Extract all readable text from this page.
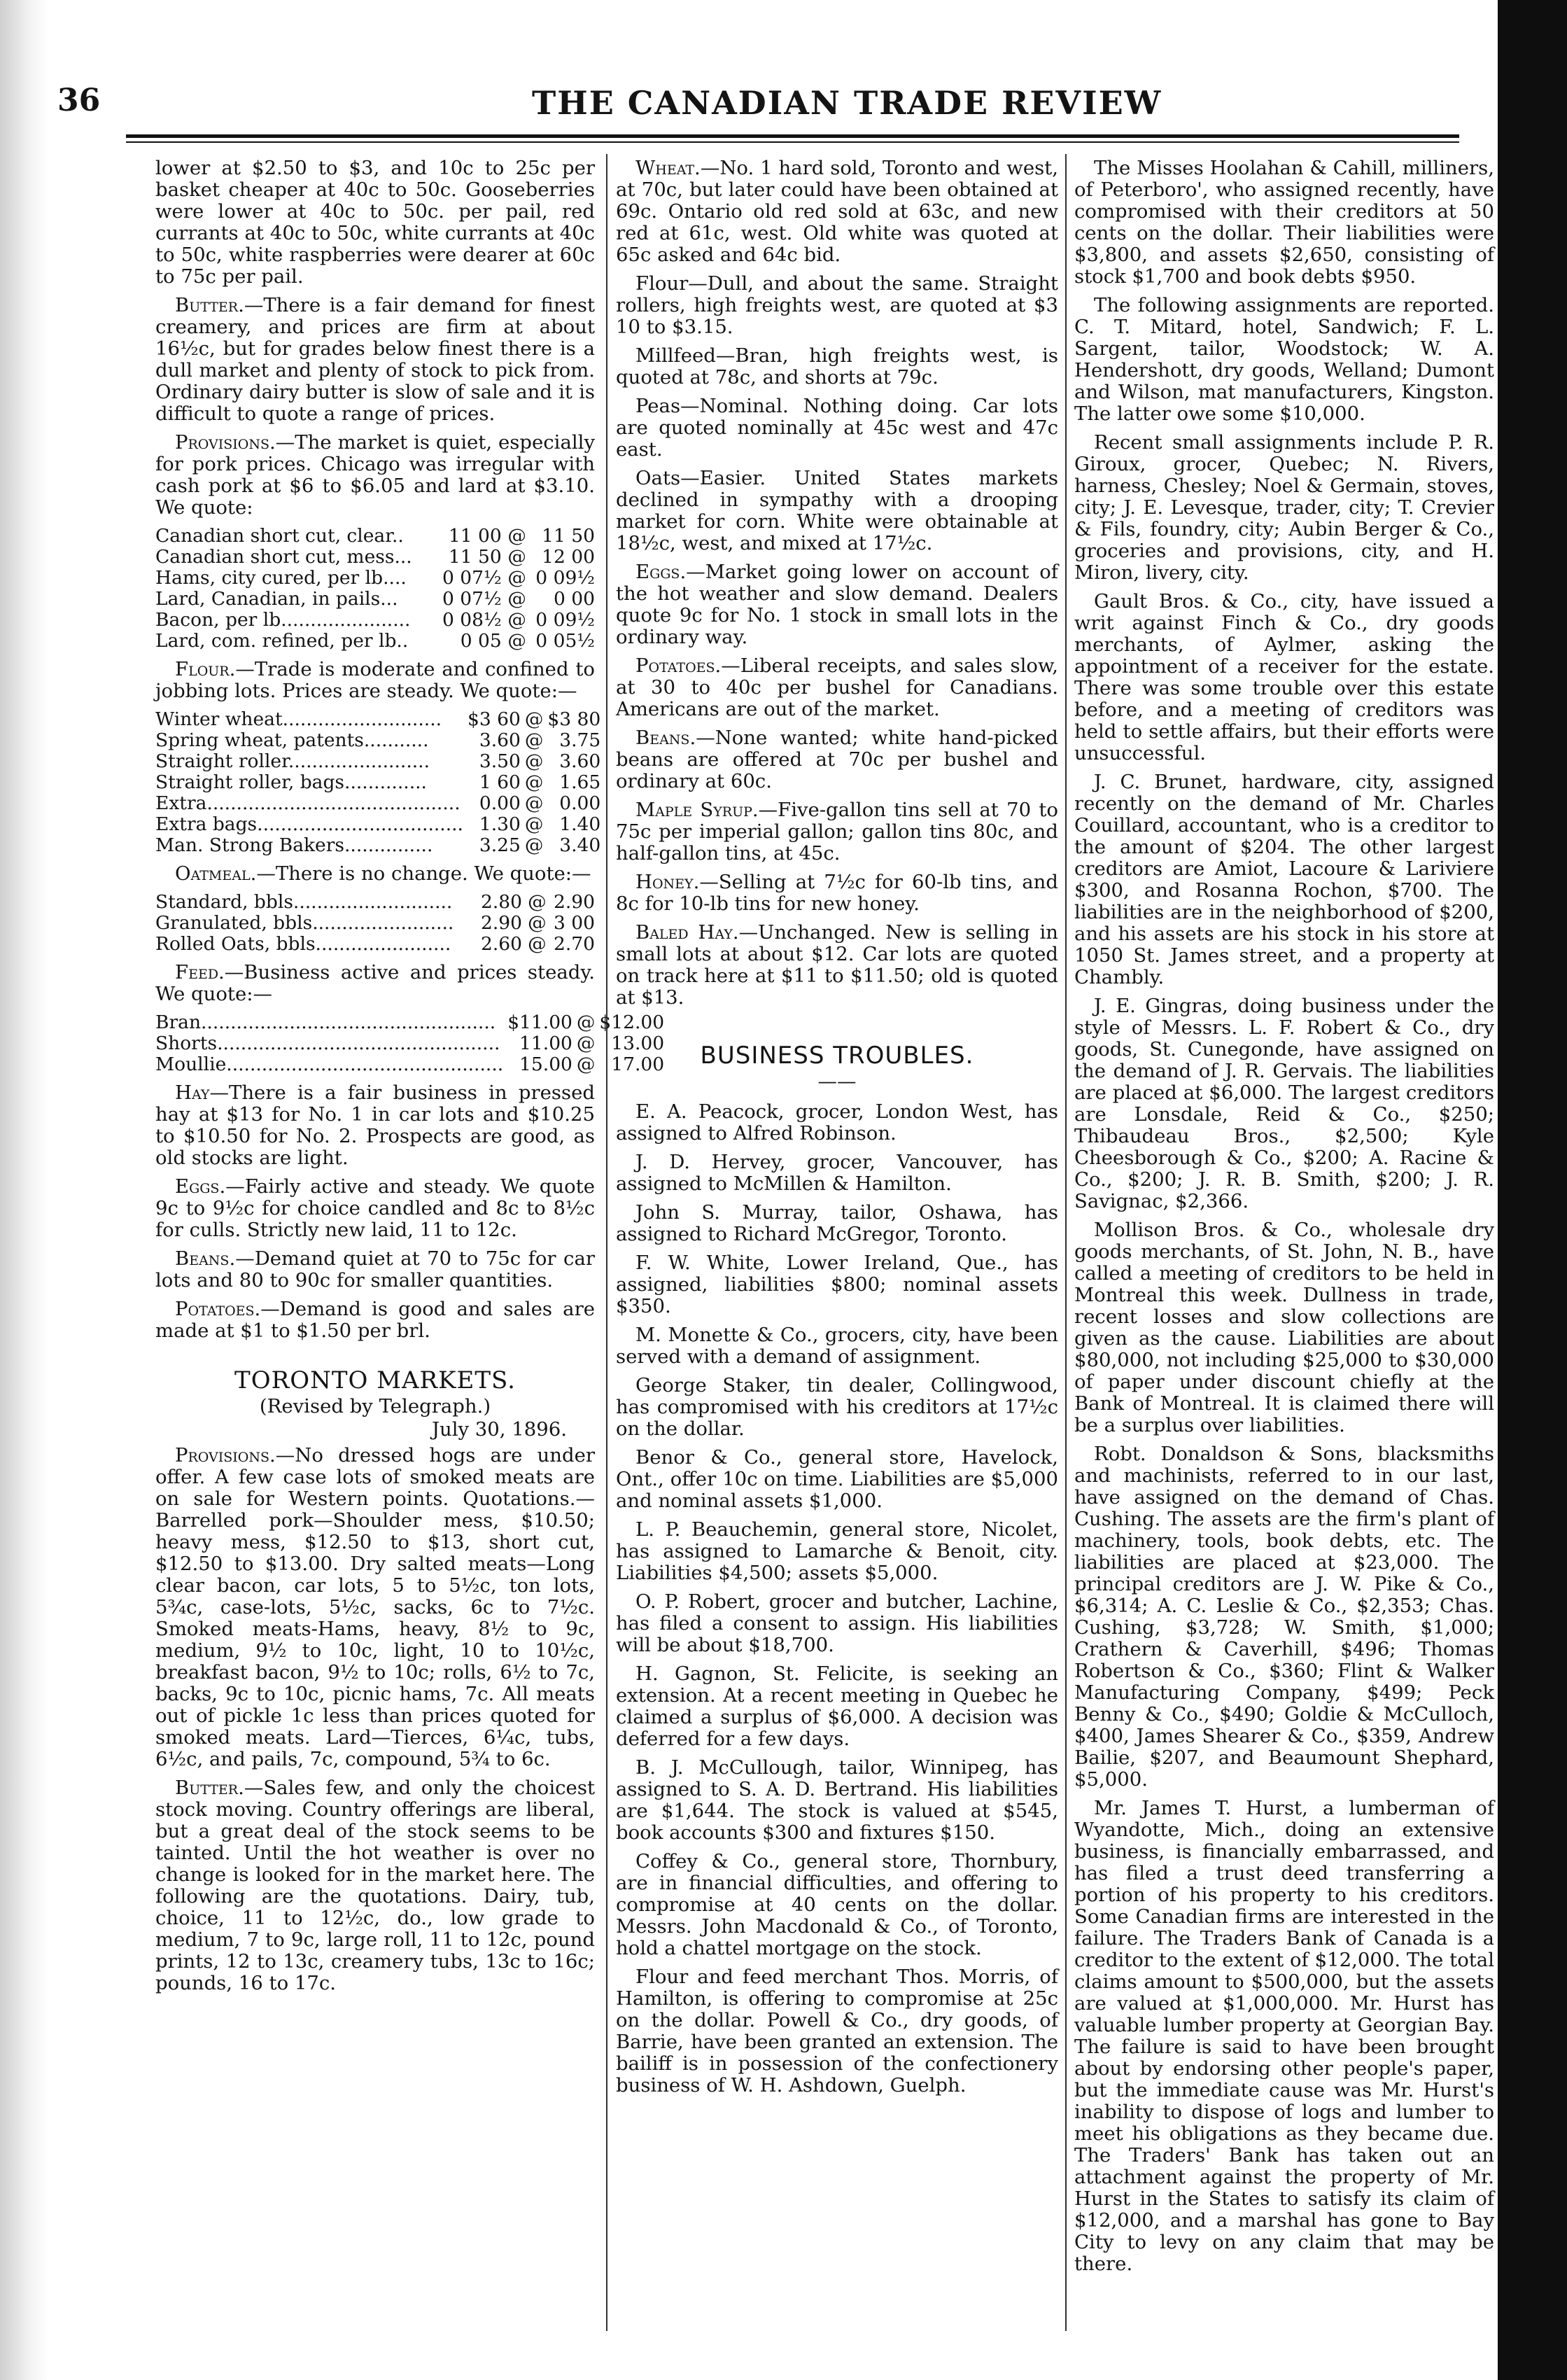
36	THE CANADIAN TRADE REVIEW

lower at $2.50 to $3, and 10c to 25c per basket cheaper at 40c to 50c. Gooseberries were lower at 40c to 50c. per pail, red currants at 40c to 50c, white currants at 40c to 50c, white raspberries were dearer at 60c to 75c per pail.

Butter.—There is a fair demand for finest creamery, and prices are firm at about 16½c, but for grades below finest there is a dull market and plenty of stock to pick from. Ordinary dairy butter is slow of sale and it is difficult to quote a range of prices.

Provisions.—The market is quiet, especially for pork prices. Chicago was irregular with cash pork at $6 to $6.05 and lard at $3.10. We quote:

Canadian short cut, clear..	11 00	@	11 50
Canadian short cut, mess...	11 50	@	12 00
Hams, city cured, per lb....	0 07½	@	0 09½
Lard, Canadian, in pails...	0 07½	@	0 00
Bacon, per lb......................	0 08½	@	0 09½
Lard, com. refined, per lb..	0 05	@	0 05½

Flour.—Trade is moderate and confined to jobbing lots. Prices are steady. We quote:—

Winter wheat...........................	$3 60	@	$3 80
Spring wheat, patents...........	3.60	@	3.75
Straight roller........................	3.50	@	3.60
Straight roller, bags..............	1 60	@	1.65
Extra...........................................	0.00	@	0.00
Extra bags...................................	1.30	@	1.40
Man. Strong Bakers...............	3.25	@	3.40

Oatmeal.—There is no change. We quote:—

Standard, bbls...........................	2.80	@	2.90
Granulated, bbls........................	2.90	@	3 00
Rolled Oats, bbls.......................	2.60	@	2.70

Feed.—Business active and prices steady. We quote:—

Bran..................................................	$11.00	@	$12.00
Shorts................................................	11.00	@	13.00
Moullie...............................................	15.00	@	17.00

Hay—There is a fair business in pressed hay at $13 for No. 1 in car lots and $10.25 to $10.50 for No. 2. Prospects are good, as old stocks are light.

Eggs.—Fairly active and steady. We quote 9c to 9½c for choice candled and 8c to 8½c for culls. Strictly new laid, 11 to 12c.

Beans.—Demand quiet at 70 to 75c for car lots and 80 to 90c for smaller quantities.

Potatoes.—Demand is good and sales are made at $1 to $1.50 per brl.

TORONTO MARKETS.

(Revised by Telegraph.)

July 30, 1896.

Provisions.—No dressed hogs are under offer. A few case lots of smoked meats are on sale for Western points. Quotations.—Barrelled pork—Shoulder mess, $10.50; heavy mess, $12.50 to $13, short cut, $12.50 to $13.00. Dry salted meats—Long clear bacon, car lots, 5 to 5½c, ton lots, 5¾c, case-lots, 5½c, sacks, 6c to 7½c. Smoked meats-Hams, heavy, 8½ to 9c, medium, 9½ to 10c, light, 10 to 10½c, breakfast bacon, 9½ to 10c; rolls, 6½ to 7c, backs, 9c to 10c, picnic hams, 7c. All meats out of pickle 1c less than prices quoted for smoked meats. Lard—Tierces, 6¼c, tubs, 6½c, and pails, 7c, compound, 5¾ to 6c.

Butter.—Sales few, and only the choicest stock moving. Country offerings are liberal, but a great deal of the stock seems to be tainted. Until the hot weather is over no change is looked for in the market here. The following are the quotations. Dairy, tub, choice, 11 to 12½c, do., low grade to medium, 7 to 9c, large roll, 11 to 12c, pound prints, 12 to 13c, creamery tubs, 13c to 16c; pounds, 16 to 17c.

Wheat.—No. 1 hard sold, Toronto and west, at 70c, but later could have been obtained at 69c. Ontario old red sold at 63c, and new red at 61c, west. Old white was quoted at 65c asked and 64c bid.

Flour—Dull, and about the same. Straight rollers, high freights west, are quoted at $3 10 to $3.15.

Millfeed—Bran, high freights west, is quoted at 78c, and shorts at 79c.

Peas—Nominal. Nothing doing. Car lots are quoted nominally at 45c west and 47c east.

Oats—Easier. United States markets declined in sympathy with a drooping market for corn. White were obtainable at 18½c, west, and mixed at 17½c.

Eggs.—Market going lower on account of the hot weather and slow demand. Dealers quote 9c for No. 1 stock in small lots in the ordinary way.

Potatoes.—Liberal receipts, and sales slow, at 30 to 40c per bushel for Canadians. Americans are out of the market.

Beans.—None wanted; white hand-picked beans are offered at 70c per bushel and ordinary at 60c.

Maple Syrup.—Five-gallon tins sell at 70 to 75c per imperial gallon; gallon tins 80c, and half-gallon tins, at 45c.

Honey.—Selling at 7½c for 60-lb tins, and 8c for 10-lb tins for new honey.

Baled Hay.—Unchanged. New is selling in small lots at about $12. Car lots are quoted on track here at $11 to $11.50; old is quoted at $13.

BUSINESS TROUBLES.
——

E. A. Peacock, grocer, London West, has assigned to Alfred Robinson.

J. D. Hervey, grocer, Vancouver, has assigned to McMillen & Hamilton.

John S. Murray, tailor, Oshawa, has assigned to Richard McGregor, Toronto.

F. W. White, Lower Ireland, Que., has assigned, liabilities $800; nominal assets $350.

M. Monette & Co., grocers, city, have been served with a demand of assignment.

George Staker, tin dealer, Collingwood, has compromised with his creditors at 17½c on the dollar.

Benor & Co., general store, Havelock, Ont., offer 10c on time. Liabilities are $5,000 and nominal assets $1,000.

L. P. Beauchemin, general store, Nicolet, has assigned to Lamarche & Benoit, city. Liabilities $4,500; assets $5,000.

O. P. Robert, grocer and butcher, Lachine, has filed a consent to assign. His liabilities will be about $18,700.

H. Gagnon, St. Felicite, is seeking an extension. At a recent meeting in Quebec he claimed a surplus of $6,000. A decision was deferred for a few days.

B. J. McCullough, tailor, Winnipeg, has assigned to S. A. D. Bertrand. His liabilities are $1,644. The stock is valued at $545, book accounts $300 and fixtures $150.

Coffey & Co., general store, Thornbury, are in financial difficulties, and offering to compromise at 40 cents on the dollar. Messrs. John Macdonald & Co., of Toronto, hold a chattel mortgage on the stock.

Flour and feed merchant Thos. Morris, of Hamilton, is offering to compromise at 25c on the dollar. Powell & Co., dry goods, of Barrie, have been granted an extension. The bailiff is in possession of the confectionery business of W. H. Ashdown, Guelph.

The Misses Hoolahan & Cahill, milliners, of Peterboro', who assigned recently, have compromised with their creditors at 50 cents on the dollar. Their liabilities were $3,800, and assets $2,650, consisting of stock $1,700 and book debts $950.

The following assignments are reported. C. T. Mitard, hotel, Sandwich; F. L. Sargent, tailor, Woodstock; W. A. Hendershott, dry goods, Welland; Dumont and Wilson, mat manufacturers, Kingston. The latter owe some $10,000.

Recent small assignments include P. R. Giroux, grocer, Quebec; N. Rivers, harness, Chesley; Noel & Germain, stoves, city; J. E. Levesque, trader, city; T. Crevier & Fils, foundry, city; Aubin Berger & Co., groceries and provisions, city, and H. Miron, livery, city.

Gault Bros. & Co., city, have issued a writ against Finch & Co., dry goods merchants, of Aylmer, asking the appointment of a receiver for the estate. There was some trouble over this estate before, and a meeting of creditors was held to settle affairs, but their efforts were unsuccessful.

J. C. Brunet, hardware, city, assigned recently on the demand of Mr. Charles Couillard, accountant, who is a creditor to the amount of $204. The other largest creditors are Amiot, Lacoure & Lariviere $300, and Rosanna Rochon, $700. The liabilities are in the neighborhood of $200, and his assets are his stock in his store at 1050 St. James street, and a property at Chambly.

J. E. Gingras, doing business under the style of Messrs. L. F. Robert & Co., dry goods, St. Cunegonde, have assigned on the demand of J. R. Gervais. The liabilities are placed at $6,000. The largest creditors are Lonsdale, Reid & Co., $250; Thibaudeau Bros., $2,500; Kyle Cheesborough & Co., $200; A. Racine & Co., $200; J. R. B. Smith, $200; J. R. Savignac, $2,366.

Mollison Bros. & Co., wholesale dry goods merchants, of St. John, N. B., have called a meeting of creditors to be held in Montreal this week. Dullness in trade, recent losses and slow collections are given as the cause. Liabilities are about $80,000, not including $25,000 to $30,000 of paper under discount chiefly at the Bank of Montreal. It is claimed there will be a surplus over liabilities.

Robt. Donaldson & Sons, blacksmiths and machinists, referred to in our last, have assigned on the demand of Chas. Cushing. The assets are the firm's plant of machinery, tools, book debts, etc. The liabilities are placed at $23,000. The principal creditors are J. W. Pike & Co., $6,314; A. C. Leslie & Co., $2,353; Chas. Cushing, $3,728; W. Smith, $1,000; Crathern & Caverhill, $496; Thomas Robertson & Co., $360; Flint & Walker Manufacturing Company, $499; Peck Benny & Co., $490; Goldie & McCulloch, $400, James Shearer & Co., $359, Andrew Bailie, $207, and Beaumount Shephard, $5,000.

Mr. James T. Hurst, a lumberman of Wyandotte, Mich., doing an extensive business, is financially embarrassed, and has filed a trust deed transferring a portion of his property to his creditors. Some Canadian firms are interested in the failure. The Traders Bank of Canada is a creditor to the extent of $12,000. The total claims amount to $500,000, but the assets are valued at $1,000,000. Mr. Hurst has valuable lumber property at Georgian Bay. The failure is said to have been brought about by endorsing other people's paper, but the immediate cause was Mr. Hurst's inability to dispose of logs and lumber to meet his obligations as they became due. The Traders' Bank has taken out an attachment against the property of Mr. Hurst in the States to satisfy its claim of $12,000, and a marshal has gone to Bay City to levy on any claim that may be there.
